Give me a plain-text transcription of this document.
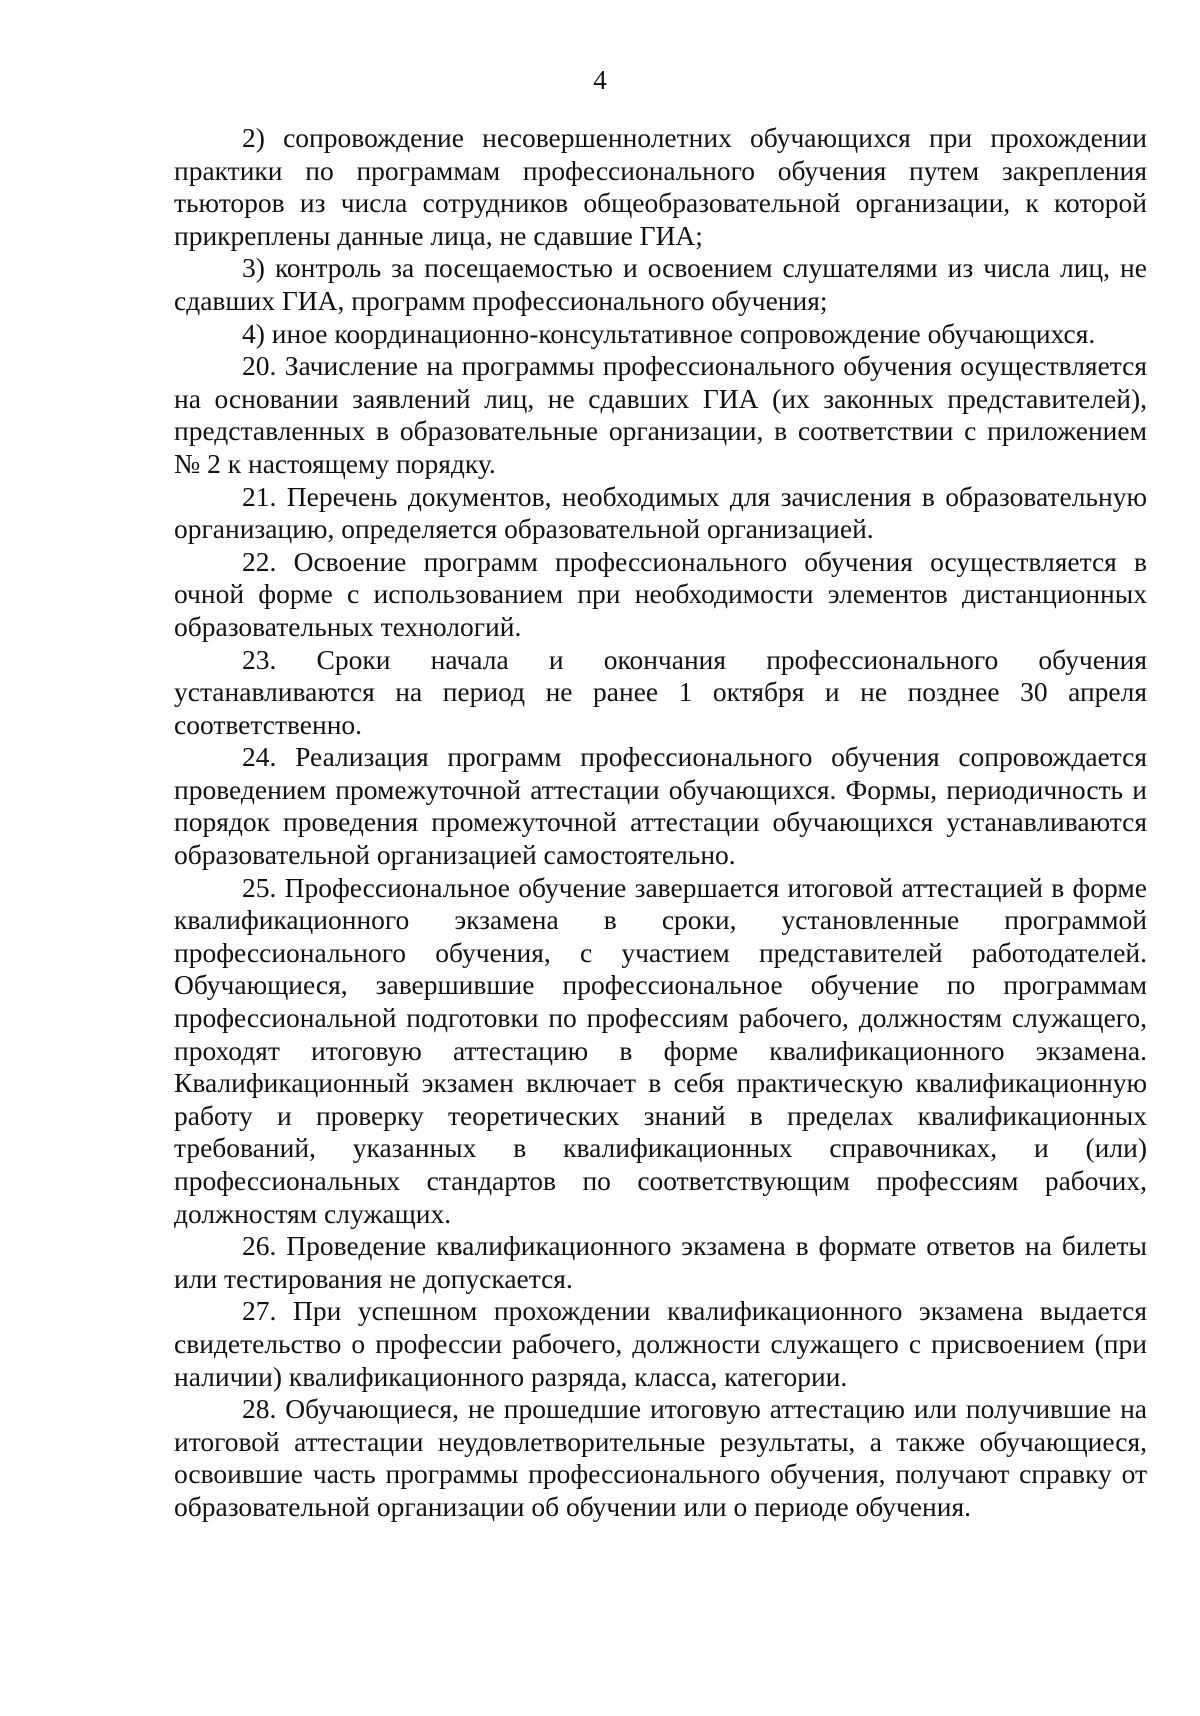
4

2) сопровождение несовершеннолетних обучающихся при прохождении практики по программам профессионального обучения путем закрепления тьюторов из числа сотрудников общеобразовательной организации, к которой прикреплены данные лица, не сдавшие ГИА;

3) контроль за посещаемостью и освоением слушателями из числа лиц, не сдавших ГИА, программ профессионального обучения;

4) иное координационно-консультативное сопровождение обучающихся.

20. Зачисление на программы профессионального обучения осуществляется на основании заявлений лиц, не сдавших ГИА (их законных представителей), представленных в образовательные организации, в соответствии с приложением № 2 к настоящему порядку.

21. Перечень документов, необходимых для зачисления в образовательную организацию, определяется образовательной организацией.

22. Освоение программ профессионального обучения осуществляется в очной форме с использованием при необходимости элементов дистанционных образовательных технологий.

23. Сроки начала и окончания профессионального обучения устанавливаются на период не ранее 1 октября и не позднее 30 апреля соответственно.

24. Реализация программ профессионального обучения сопровождается проведением промежуточной аттестации обучающихся. Формы, периодичность и порядок проведения промежуточной аттестации обучающихся устанавливаются образовательной организацией самостоятельно.

25. Профессиональное обучение завершается итоговой аттестацией в форме квалификационного экзамена в сроки, установленные программой профессионального обучения, с участием представителей работодателей. Обучающиеся, завершившие профессиональное обучение по программам профессиональной подготовки по профессиям рабочего, должностям служащего, проходят итоговую аттестацию в форме квалификационного экзамена. Квалификационный экзамен включает в себя практическую квалификационную работу и проверку теоретических знаний в пределах квалификационных требований, указанных в квалификационных справочниках, и (или) профессиональных стандартов по соответствующим профессиям рабочих, должностям служащих.

26. Проведение квалификационного экзамена в формате ответов на билеты или тестирования не допускается.

27. При успешном прохождении квалификационного экзамена выдается свидетельство о профессии рабочего, должности служащего с присвоением (при наличии) квалификационного разряда, класса, категории.

28. Обучающиеся, не прошедшие итоговую аттестацию или получившие на итоговой аттестации неудовлетворительные результаты, а также обучающиеся, освоившие часть программы профессионального обучения, получают справку от образовательной организации об обучении или о периоде обучения.
